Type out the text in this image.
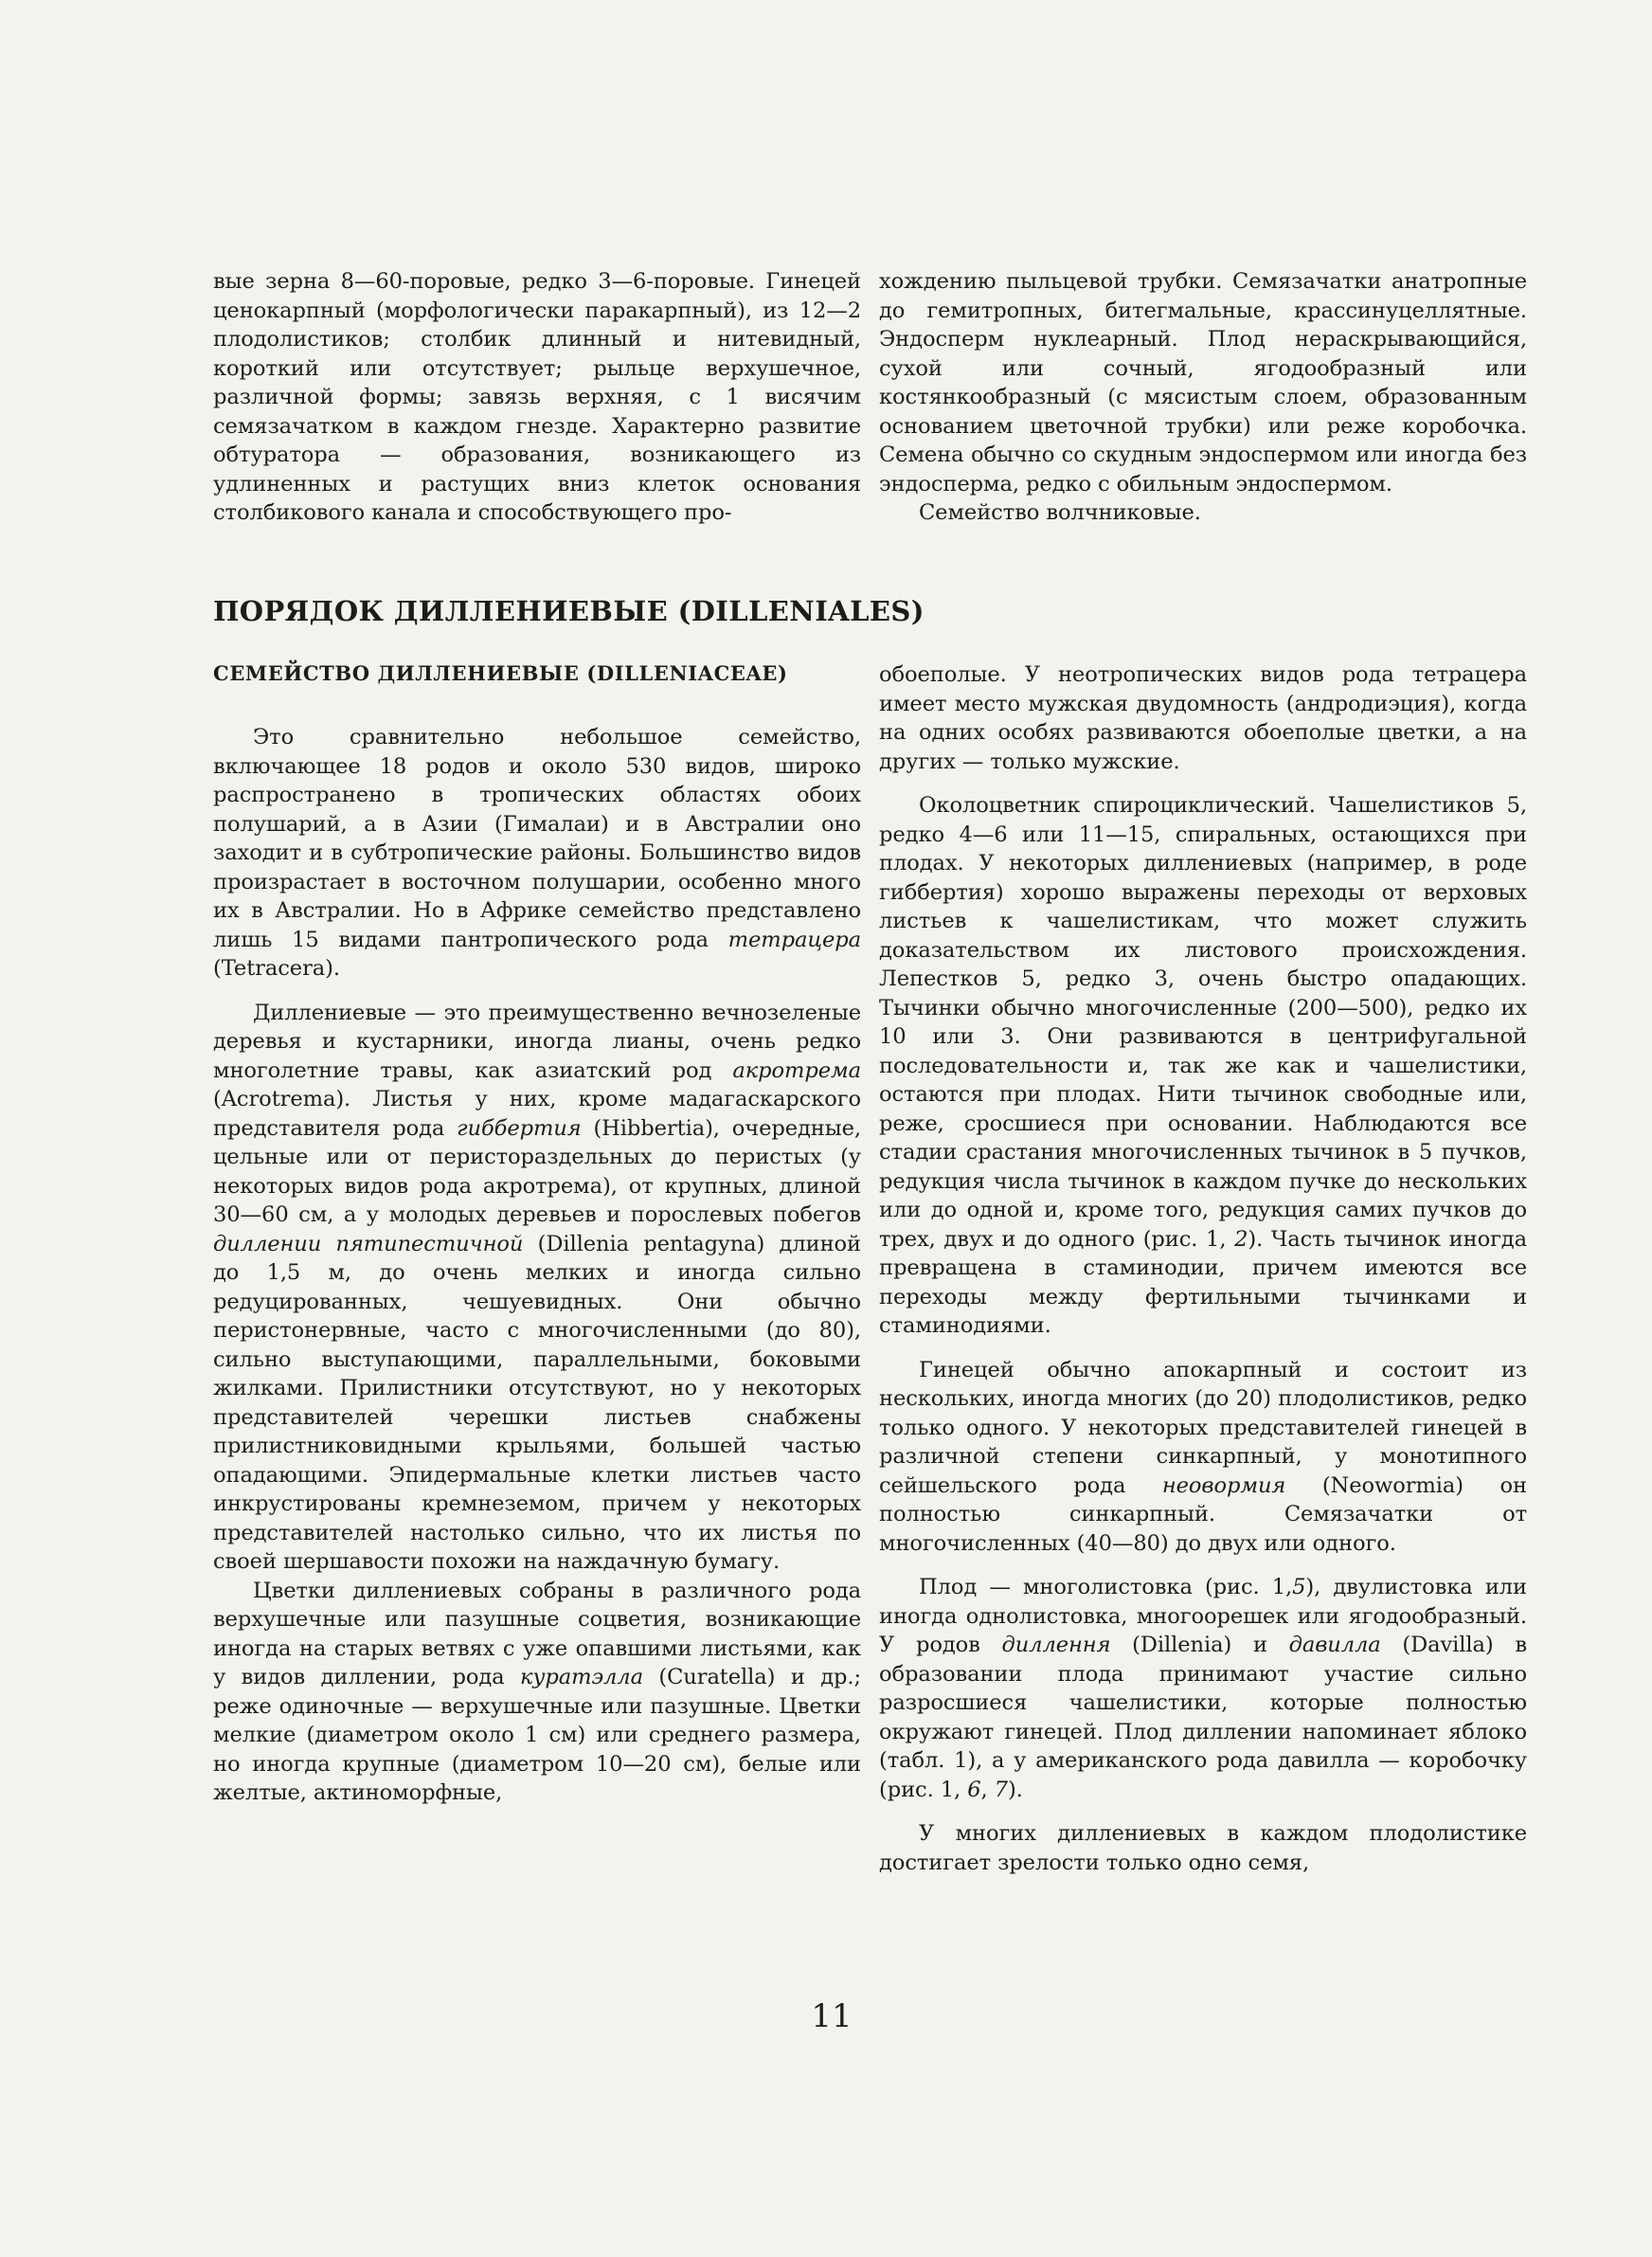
вые зерна 8—60-поровые, редко 3—6-поровые. Гинецей ценокарпный (морфологически паракарпный), из 12—2 плодолистиков; столбик длинный и нитевидный, короткий или отсутствует; рыльце верхушечное, различной формы; завязь верхняя, с 1 висячим семязачатком в каждом гнезде. Характерно развитие обтуратора — образования, возникающего из удлиненных и растущих вниз клеток основания столбикового канала и способствующего про-

хождению пыльцевой трубки. Семязачатки анатропные до гемитропных, битегмальные, крассинуцеллятные. Эндосперм нуклеарный. Плод нераскрывающийся, сухой или сочный, ягодообразный или костянкообразный (с мясистым слоем, образованным основанием цветочной трубки) или реже коробочка. Семена обычно со скудным эндоспермом или иногда без эндосперма, редко с обильным эндоспермом.

Семейство волчниковые.

ПОРЯДОК ДИЛЛЕНИЕВЫЕ (DILLENIALES)
СЕМЕЙСТВО ДИЛЛЕНИЕВЫЕ (DILLENIACEAE)

Это сравнительно небольшое семейство, включающее 18 родов и около 530 видов, широко распространено в тропических областях обоих полушарий, а в Азии (Гималаи) и в Австралии оно заходит и в субтропические районы. Большинство видов произрастает в восточном полушарии, особенно много их в Австралии. Но в Африке семейство представлено лишь 15 видами пантропического рода тетрацера (Tetracera).

Диллениевые — это преимущественно вечнозеленые деревья и кустарники, иногда лианы, очень редко многолетние травы, как азиатский род акротрема (Acrotrema). Листья у них, кроме мадагаскарского представителя рода гиббертия (Hibbertia), очередные, цельные или от перистораздельных до перистых (у некоторых видов рода акротрема), от крупных, длиной 30—60 см, а у молодых деревьев и порослевых побегов диллении пятипестичной (Dillenia pentagyna) длиной до 1,5 м, до очень мелких и иногда сильно редуцированных, чешуевидных. Они обычно перистонервные, часто с многочисленными (до 80), сильно выступающими, параллельными, боковыми жилками. Прилистники отсутствуют, но у некоторых представителей черешки листьев снабжены прилистниковидными крыльями, большей частью опадающими. Эпидермальные клетки листьев часто инкрустированы кремнеземом, причем у некоторых представителей настолько сильно, что их листья по своей шершавости похожи на наждачную бумагу.

Цветки диллениевых собраны в различного рода верхушечные или пазушные соцветия, возникающие иногда на старых ветвях с уже опавшими листьями, как у видов диллении, рода куратэлла (Curatella) и др.; реже одиночные — верхушечные или пазушные. Цветки мелкие (диаметром около 1 см) или среднего размера, но иногда крупные (диаметром 10—20 см), белые или желтые, актиноморфные,

обоеполые. У неотропических видов рода тетрацера имеет место мужская двудомность (андродиэция), когда на одних особях развиваются обоеполые цветки, а на других — только мужские.

Околоцветник спироциклический. Чашелистиков 5, редко 4—6 или 11—15, спиральных, остающихся при плодах. У некоторых диллениевых (например, в роде гиббертия) хорошо выражены переходы от верховых листьев к чашелистикам, что может служить доказательством их листового происхождения. Лепестков 5, редко 3, очень быстро опадающих. Тычинки обычно многочисленные (200—500), редко их 10 или 3. Они развиваются в центрифугальной последовательности и, так же как и чашелистики, остаются при плодах. Нити тычинок свободные или, реже, сросшиеся при основании. Наблюдаются все стадии срастания многочисленных тычинок в 5 пучков, редукция числа тычинок в каждом пучке до нескольких или до одной и, кроме того, редукция самих пучков до трех, двух и до одного (рис. 1, 2). Часть тычинок иногда превращена в стаминодии, причем имеются все переходы между фертильными тычинками и стаминодиями.

Гинецей обычно апокарпный и состоит из нескольких, иногда многих (до 20) плодолистиков, редко только одного. У некоторых представителей гинецей в различной степени синкарпный, у монотипного сейшельского рода неовормия (Neowormia) он полностью синкарпный. Семязачатки от многочисленных (40—80) до двух или одного.

Плод — многолистовка (рис. 1,5), двулистовка или иногда однолистовка, многоорешек или ягодообразный. У родов диллення (Dillenia) и давилла (Davilla) в образовании плода принимают участие сильно разросшиеся чашелистики, которые полностью окружают гинецей. Плод диллении напоминает яблоко (табл. 1), а у американского рода давилла — коробочку (рис. 1, 6, 7).

У многих диллениевых в каждом плодолистике достигает зрелости только одно семя,

11
